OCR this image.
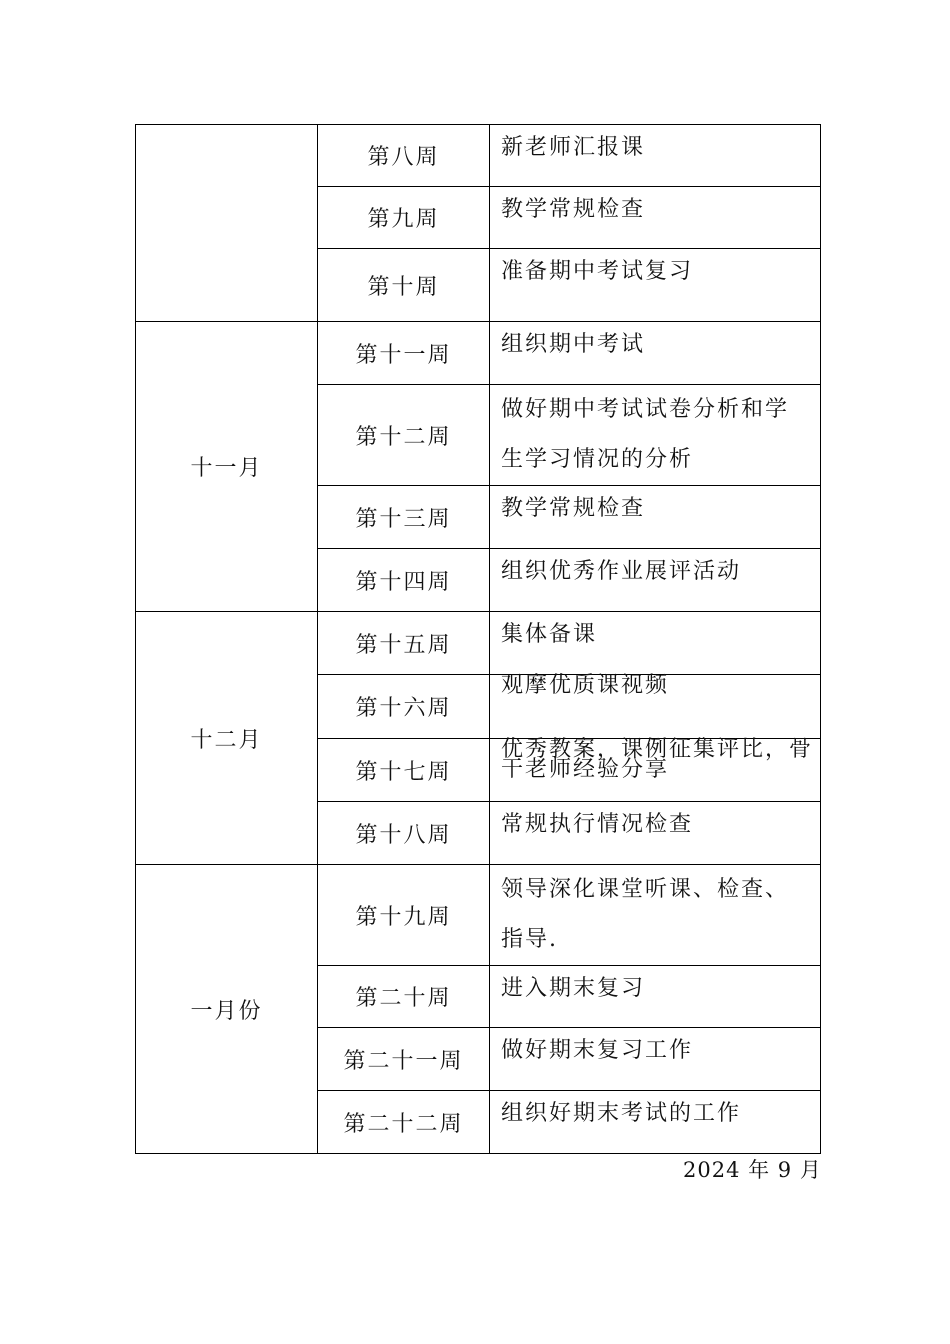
	第八周	新老师汇报课

	第九周	教学常规检查

	第十周	准备期中考试复习

十一月	第十一周	组织期中考试

	第十二周	做好期中考试试卷分析和学
生学习情况的分析

	第十三周	教学常规检查

	第十四周	组织优秀作业展评活动

十二月	第十五周	集体备课

	第十六周	观摩优质课视频

	第十七周	优秀教案，课例征集评比，骨
干老师经验分享

	第十八周	常规执行情况检查

一月份	第十九周	领导深化课堂听课、检查、
指导.

	第二十周	进入期末复习

	第二十一周	做好期末复习工作

	第二十二周	组织好期末考试的工作
2024 年 9 月
